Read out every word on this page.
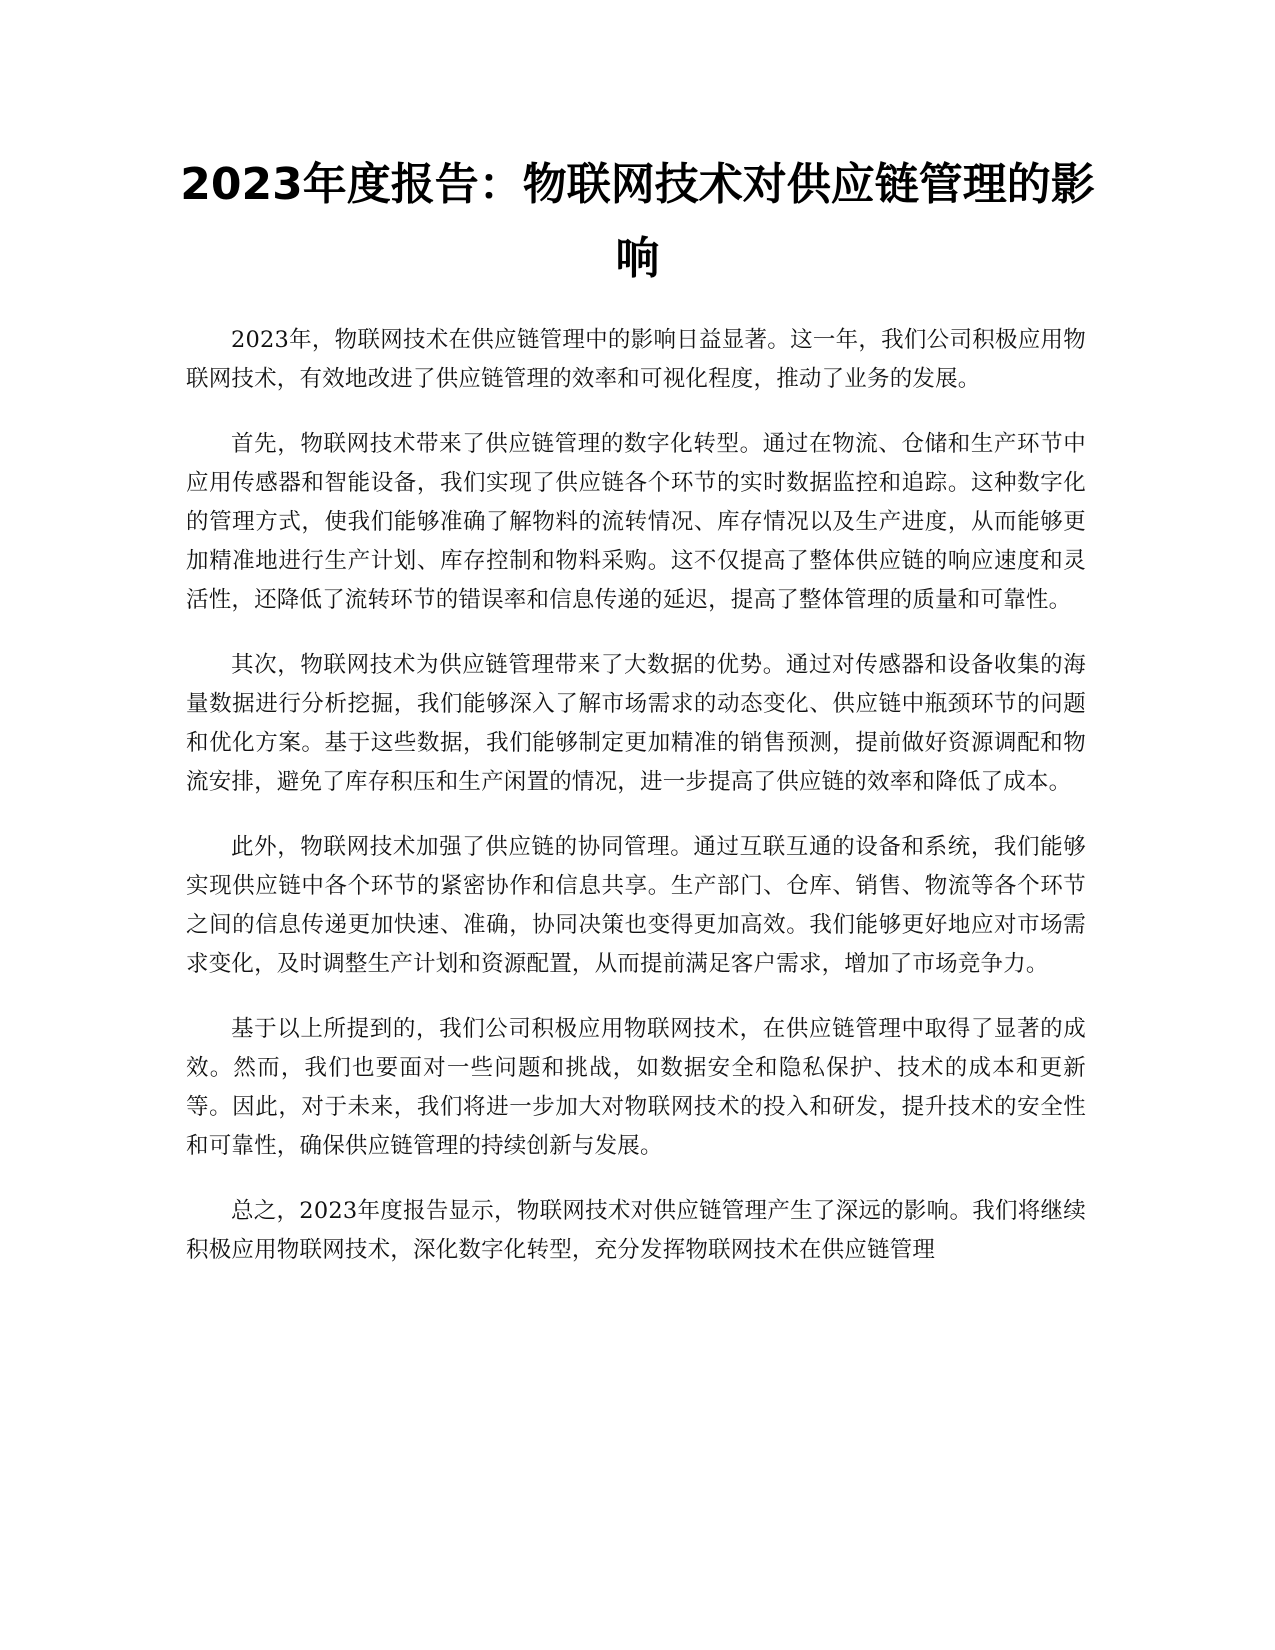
2023年度报告：物联网技术对供应链管理的影响

2023年，物联网技术在供应链管理中的影响日益显著。这一年，我们公司积极应用物联网技术，有效地改进了供应链管理的效率和可视化程度，推动了业务的发展。

首先，物联网技术带来了供应链管理的数字化转型。通过在物流、仓储和生产环节中应用传感器和智能设备，我们实现了供应链各个环节的实时数据监控和追踪。这种数字化的管理方式，使我们能够准确了解物料的流转情况、库存情况以及生产进度，从而能够更加精准地进行生产计划、库存控制和物料采购。这不仅提高了整体供应链的响应速度和灵活性，还降低了流转环节的错误率和信息传递的延迟，提高了整体管理的质量和可靠性。

其次，物联网技术为供应链管理带来了大数据的优势。通过对传感器和设备收集的海量数据进行分析挖掘，我们能够深入了解市场需求的动态变化、供应链中瓶颈环节的问题和优化方案。基于这些数据，我们能够制定更加精准的销售预测，提前做好资源调配和物流安排，避免了库存积压和生产闲置的情况，进一步提高了供应链的效率和降低了成本。

此外，物联网技术加强了供应链的协同管理。通过互联互通的设备和系统，我们能够实现供应链中各个环节的紧密协作和信息共享。生产部门、仓库、销售、物流等各个环节之间的信息传递更加快速、准确，协同决策也变得更加高效。我们能够更好地应对市场需求变化，及时调整生产计划和资源配置，从而提前满足客户需求，增加了市场竞争力。

基于以上所提到的，我们公司积极应用物联网技术，在供应链管理中取得了显著的成效。然而，我们也要面对一些问题和挑战，如数据安全和隐私保护、技术的成本和更新等。因此，对于未来，我们将进一步加大对物联网技术的投入和研发，提升技术的安全性和可靠性，确保供应链管理的持续创新与发展。

总之，2023年度报告显示，物联网技术对供应链管理产生了深远的影响。我们将继续积极应用物联网技术，深化数字化转型，充分发挥物联网技术在供应链管理
